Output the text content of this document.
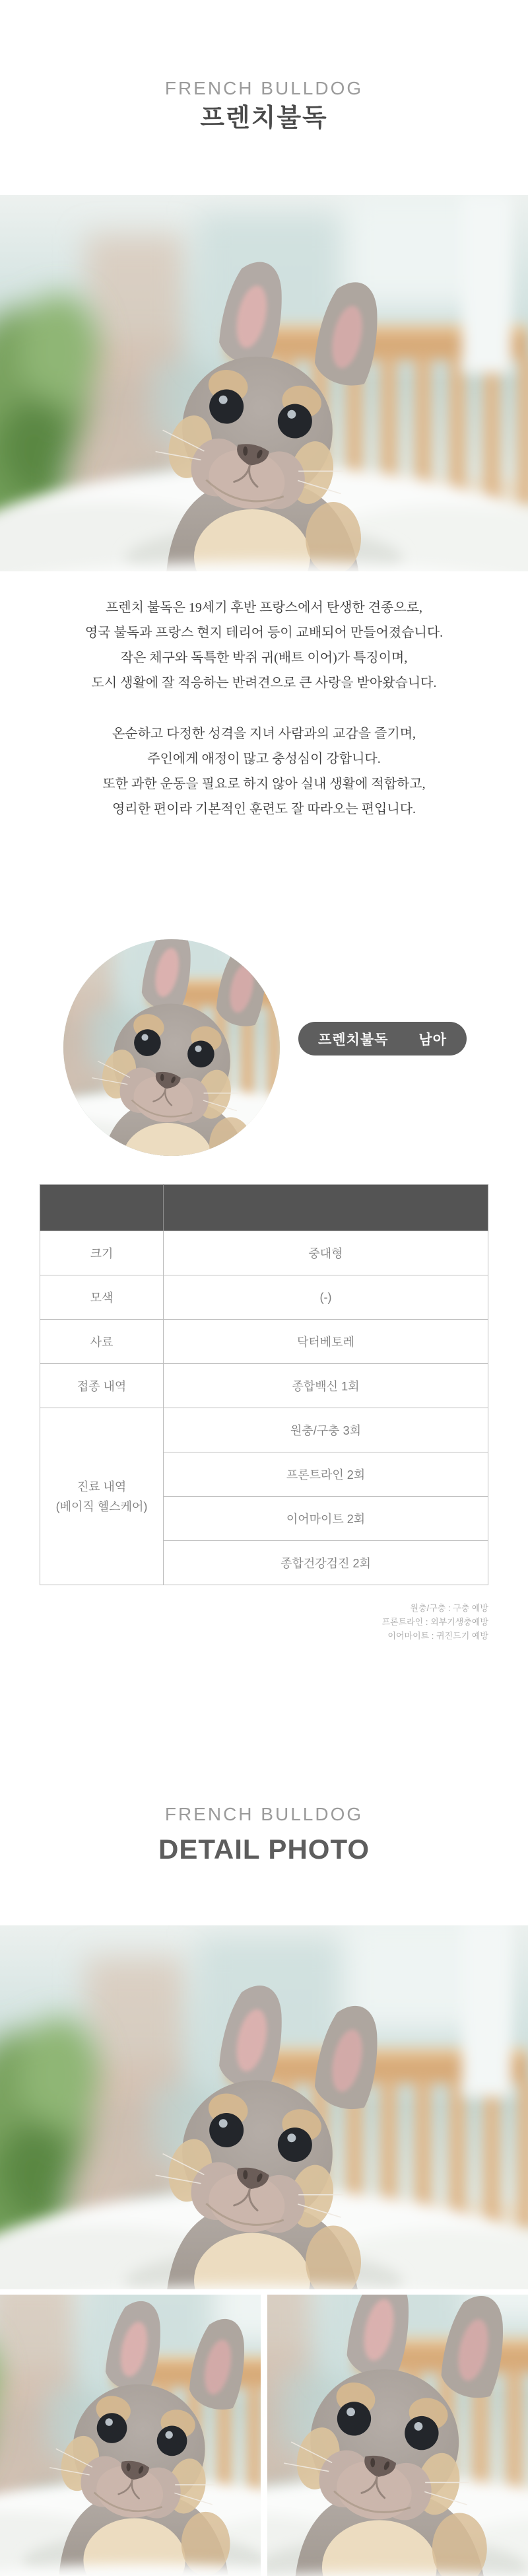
FRENCH BULLDOG
프렌치불독
프렌치 불독은 19세기 후반 프랑스에서 탄생한 견종으로,
영국 불독과 프랑스 현지 테리어 등이 교배되어 만들어졌습니다.
작은 체구와 독특한 박쥐 귀(배트 이어)가 특징이며,
도시 생활에 잘 적응하는 반려견으로 큰 사랑을 받아왔습니다.
온순하고 다정한 성격을 지녀 사람과의 교감을 즐기며,
주인에게 애정이 많고 충성심이 강합니다.
또한 과한 운동을 필요로 하지 않아 실내 생활에 적합하고,
영리한 편이라 기본적인 훈련도 잘 따라오는 편입니다.
프렌치불독 남아

크기	중대형
모색	(-)
사료	닥터베토레
접종 내역	종합백신 1회

진료 내역
(베이직 헬스케어)	원충/구충 3회
	프론트라인 2회
	이어마이트 2회
	종합건강검진 2회
원충/구충 : 구충 예방
프론트라인 : 외부기생충예방
이어마이트 : 귀진드기 예방
FRENCH BULLDOG
DETAIL PHOTO
